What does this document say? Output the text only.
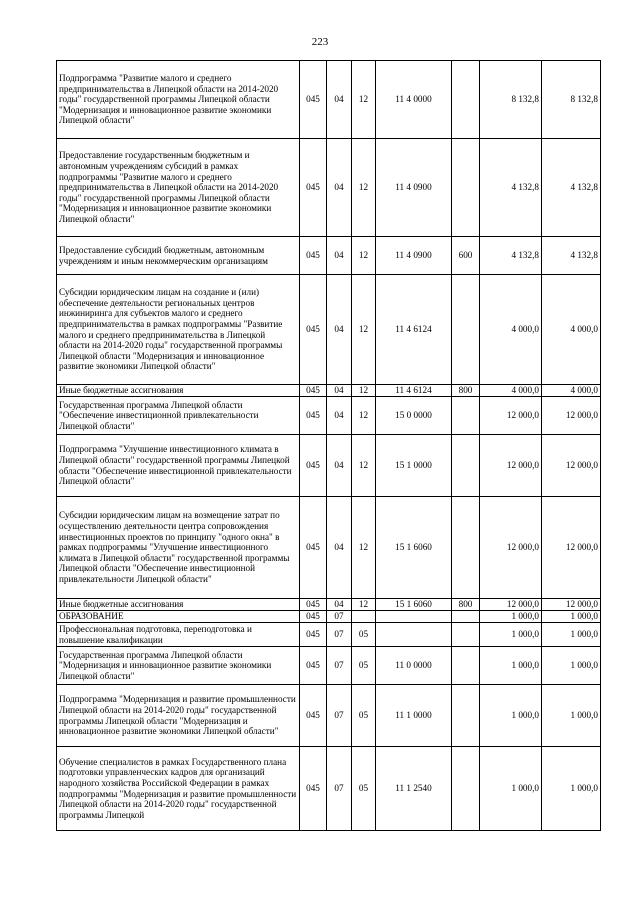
223
Подпрограмма "Развитие малого и среднего предпринимательства в Липецкой области на 2014-2020 годы" государственной программы Липецкой области "Модернизация и инновационное развитие экономики Липецкой области"	045	04	12	11 4 0000		8 132,8	8 132,8
Предоставление государственным бюджетным и автономным учреждениям субсидий в рамках подпрограммы "Развитие малого и среднего предпринимательства в Липецкой области на 2014-2020 годы" государственной программы Липецкой области "Модернизация и инновационное развитие экономики Липецкой области"	045	04	12	11 4 0900		4 132,8	4 132,8
Предоставление субсидий бюджетным, автономным учреждениям и иным некоммерческим организациям	045	04	12	11 4 0900	600	4 132,8	4 132,8
Субсидии юридическим лицам на создание и (или) обеспечение деятельности региональных центров инжиниринга для субъектов малого и среднего предпринимательства в рамках подпрограммы "Развитие малого и среднего предпринимательства в Липецкой области на 2014-2020 годы" государственной программы Липецкой области "Модернизация и инновационное развитие экономики Липецкой области"	045	04	12	11 4 6124		4 000,0	4 000,0
Иные бюджетные ассигнования	045	04	12	11 4 6124	800	4 000,0	4 000,0
Государственная программа Липецкой области "Обеспечение инвестиционной привлекательности Липецкой области"	045	04	12	15 0 0000		12 000,0	12 000,0
Подпрограмма "Улучшение инвестиционного климата в Липецкой области" государственной программы Липецкой области "Обеспечение инвестиционной привлекательности Липецкой области"	045	04	12	15 1 0000		12 000,0	12 000,0
Субсидии юридическим лицам на возмещение затрат по осуществлению деятельности центра сопровождения инвестиционных проектов по принципу "одного окна" в рамках подпрограммы "Улучшение инвестиционного климата в Липецкой области" государственной программы Липецкой области "Обеспечение инвестиционной привлекательности Липецкой области"	045	04	12	15 1 6060		12 000,0	12 000,0
Иные бюджетные ассигнования	045	04	12	15 1 6060	800	12 000,0	12 000,0
ОБРАЗОВАНИЕ	045	07				1 000,0	1 000,0
Профессиональная подготовка, переподготовка и повышение квалификации	045	07	05			1 000,0	1 000,0
Государственная программа Липецкой области "Модернизация и инновационное развитие экономики Липецкой области"	045	07	05	11 0 0000		1 000,0	1 000,0
Подпрограмма "Модернизация и развитие промышленности Липецкой области на 2014-2020 годы" государственной программы Липецкой области "Модернизация и инновационное развитие экономики Липецкой области"	045	07	05	11 1 0000		1 000,0	1 000,0
Обучение специалистов в рамках Государственного плана подготовки управленческих кадров для организаций народного хозяйства Российской Федерации в рамках подпрограммы "Модернизация и развитие промышленности Липецкой области на 2014-2020 годы" государственной программы Липецкой	045	07	05	11 1 2540		1 000,0	1 000,0
